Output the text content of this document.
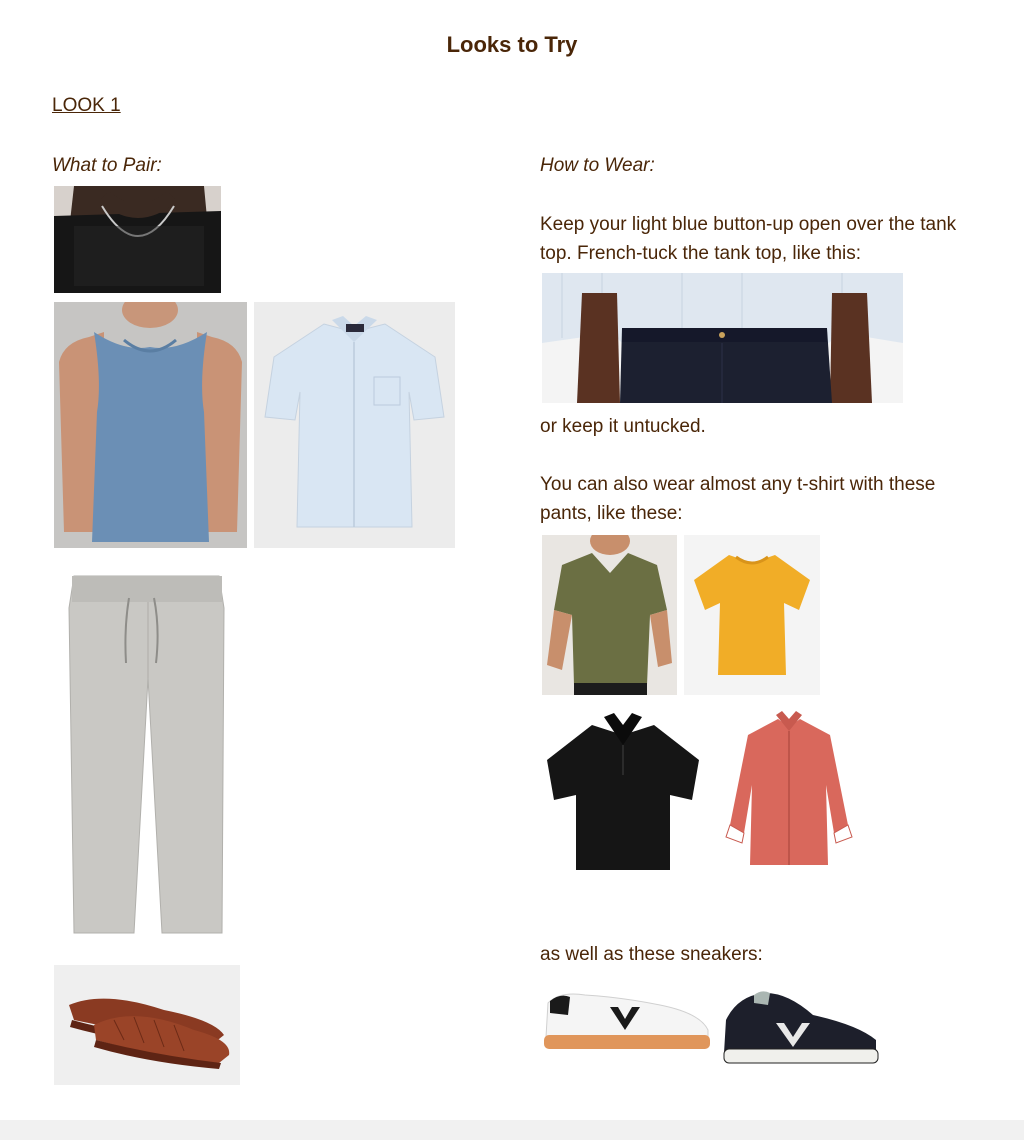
Looks to Try
LOOK 1
What to Pair:	How to Wear:

Keep your light blue button-up open over the tank top. French-tuck the tank top, like this:

or keep it untucked.

You can also wear almost any t-shirt with these pants, like these:

as well as these sneakers:
